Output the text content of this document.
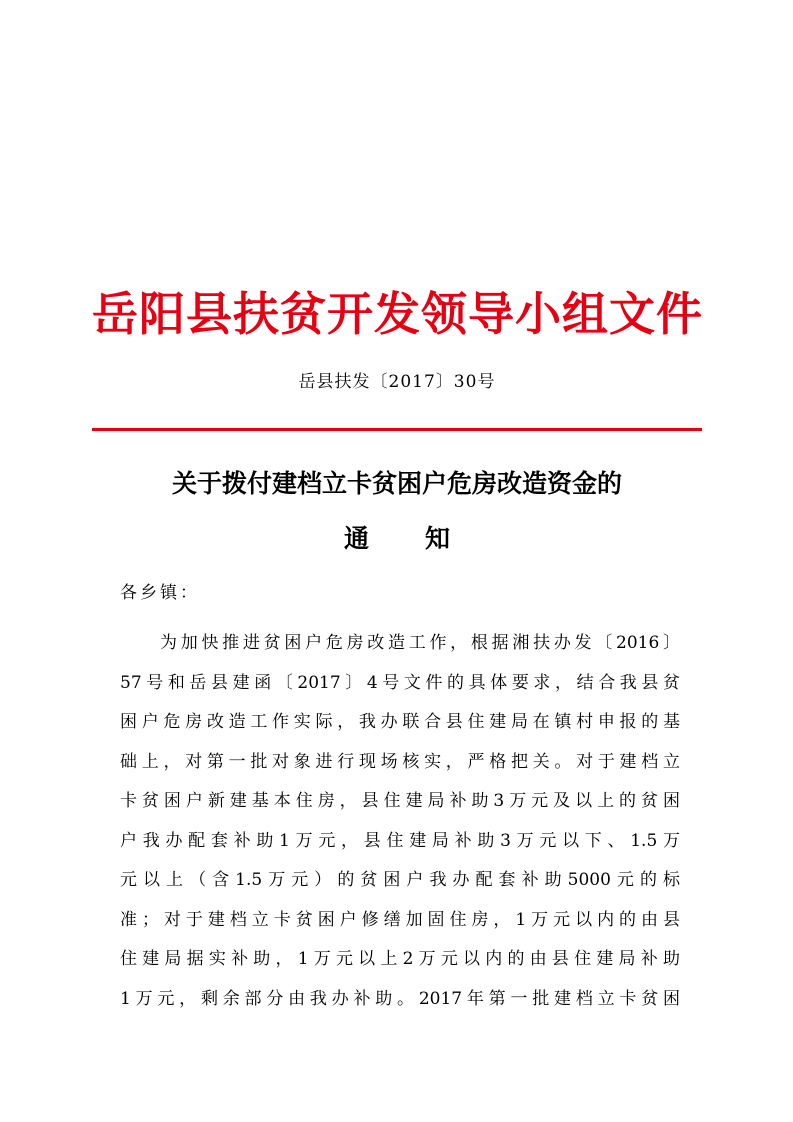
岳阳县扶贫开发领导小组文件
岳县扶发〔2017〕30号
关于拨付建档立卡贫困户危房改造资金的
通知
各乡镇：
为加快推进贫困户危房改造工作，根据湘扶办发〔2016〕
57号和岳县建函〔2017〕4号文件的具体要求，结合我县贫
困户危房改造工作实际，我办联合县住建局在镇村申报的基
础上，对第一批对象进行现场核实，严格把关。对于建档立
卡贫困户新建基本住房，县住建局补助3万元及以上的贫困
户我办配套补助1万元，县住建局补助3万元以下、1.5万
元以上（含1.5万元）的贫困户我办配套补助5000元的标
准；对于建档立卡贫困户修缮加固住房，1万元以内的由县
住建局据实补助，1万元以上2万元以内的由县住建局补助
1万元，剩余部分由我办补助。2017年第一批建档立卡贫困
